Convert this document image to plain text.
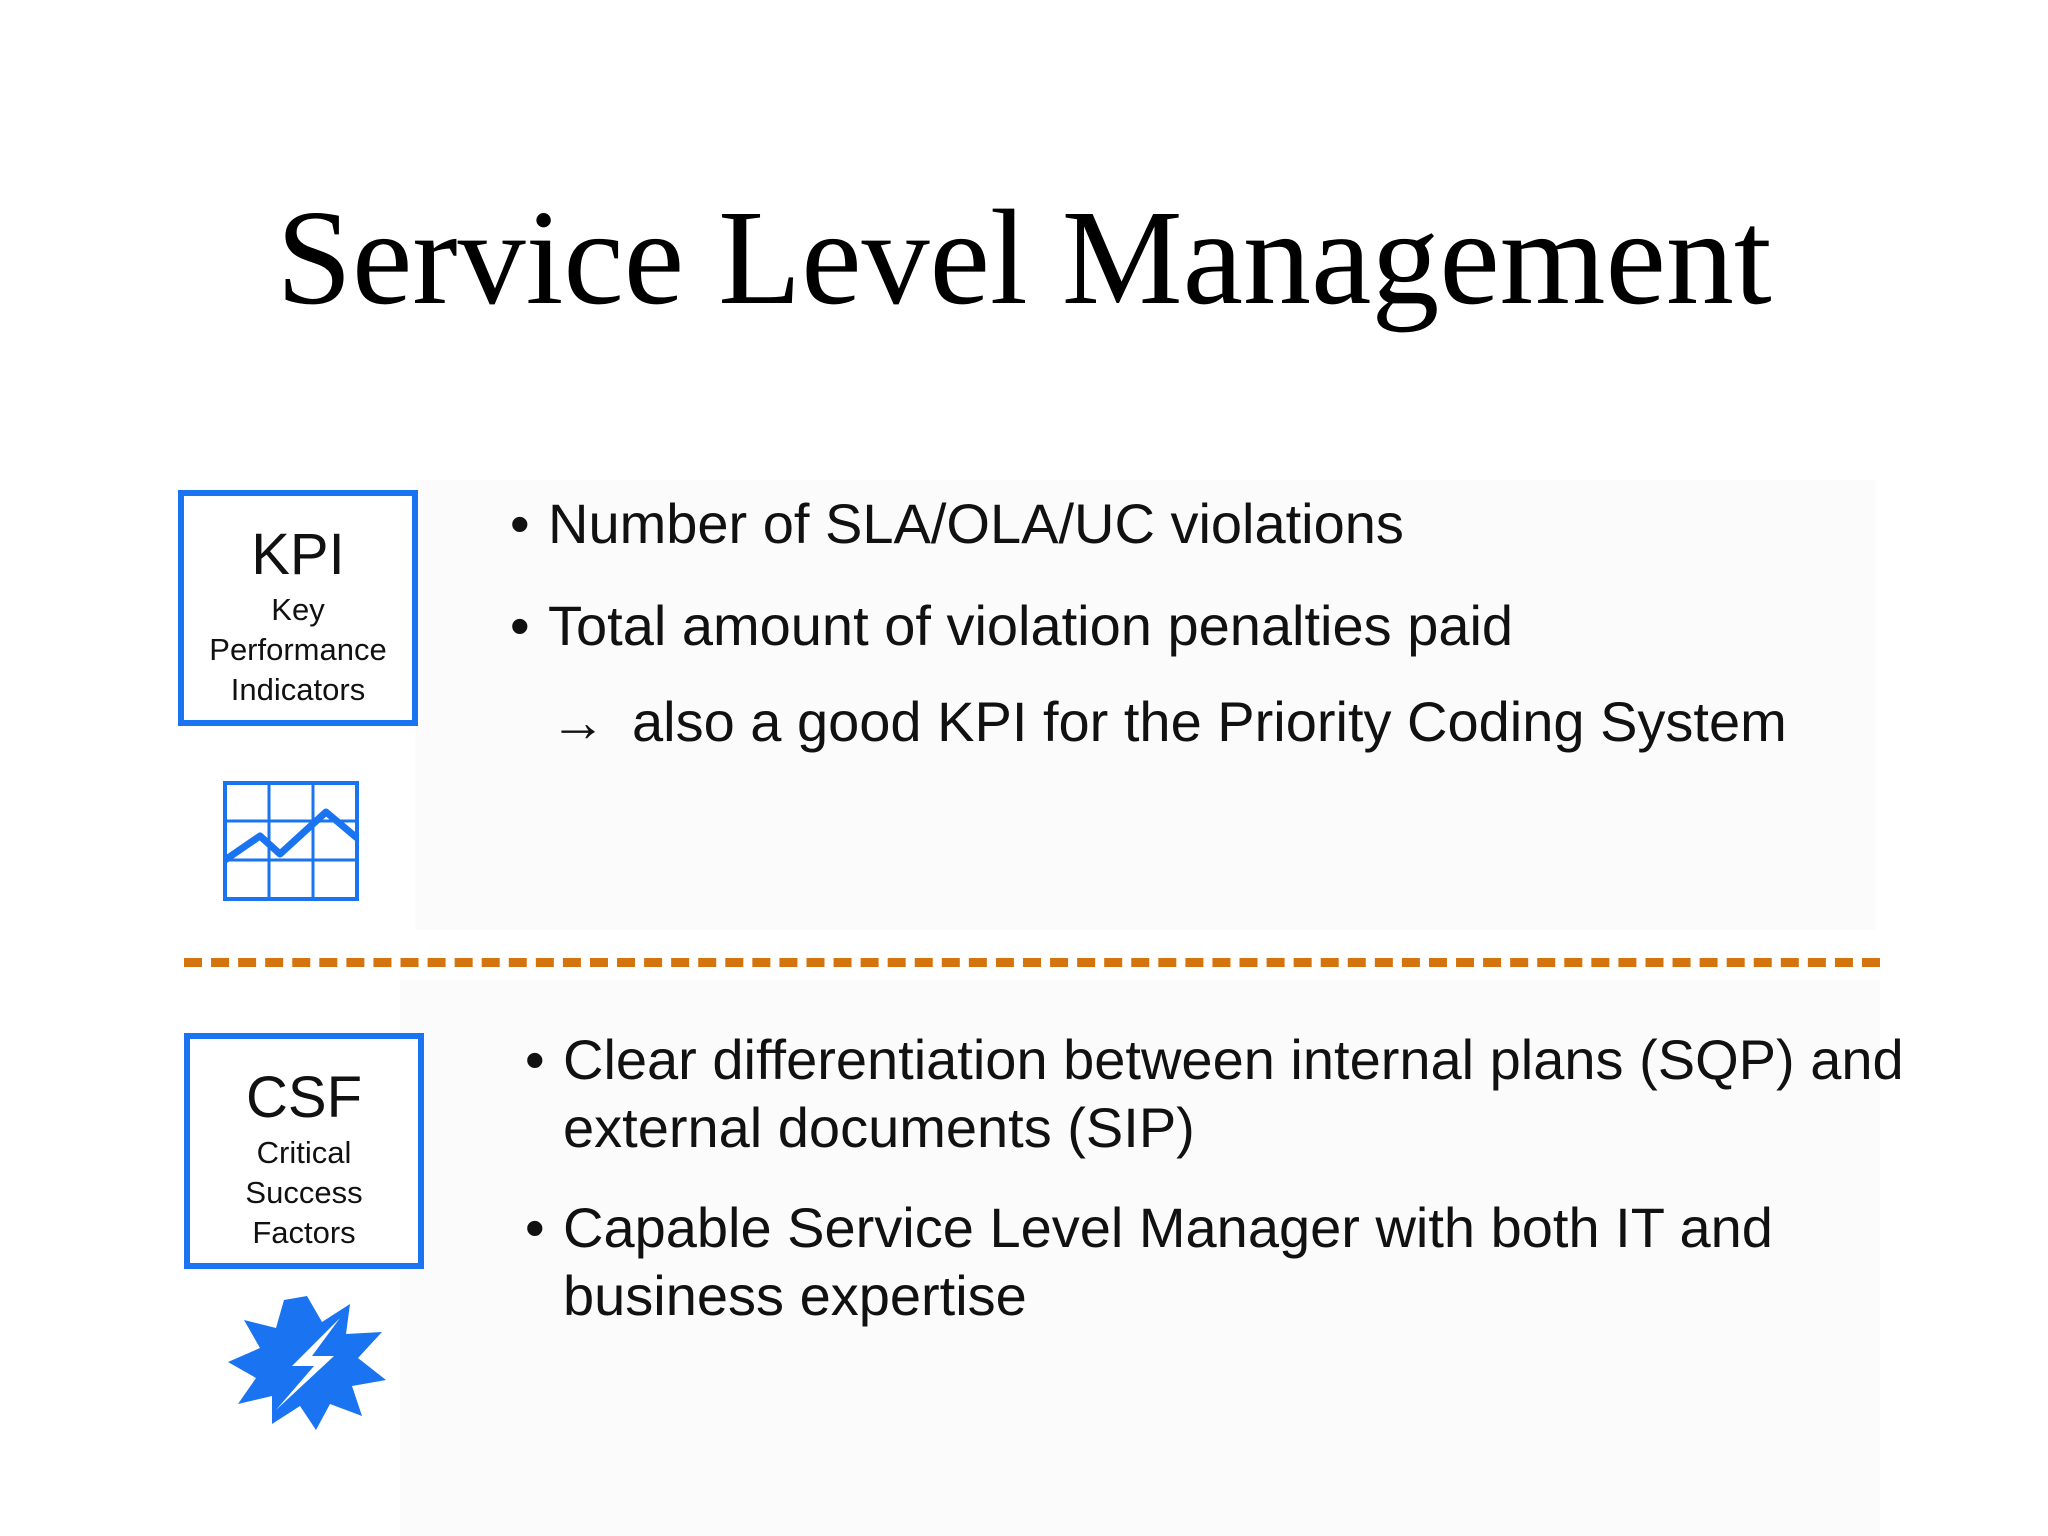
Service Level Management
KPI
Key
Performance
Indicators
• Number of SLA/OLA/UC violations
• Total amount of violation penalties paid
→ also a good KPI for the Priority Coding System
CSF
Critical
Success
Factors
• Clear differentiation between internal plans (SQP) and external documents (SIP)
• Capable Service Level Manager with both IT and business expertise
